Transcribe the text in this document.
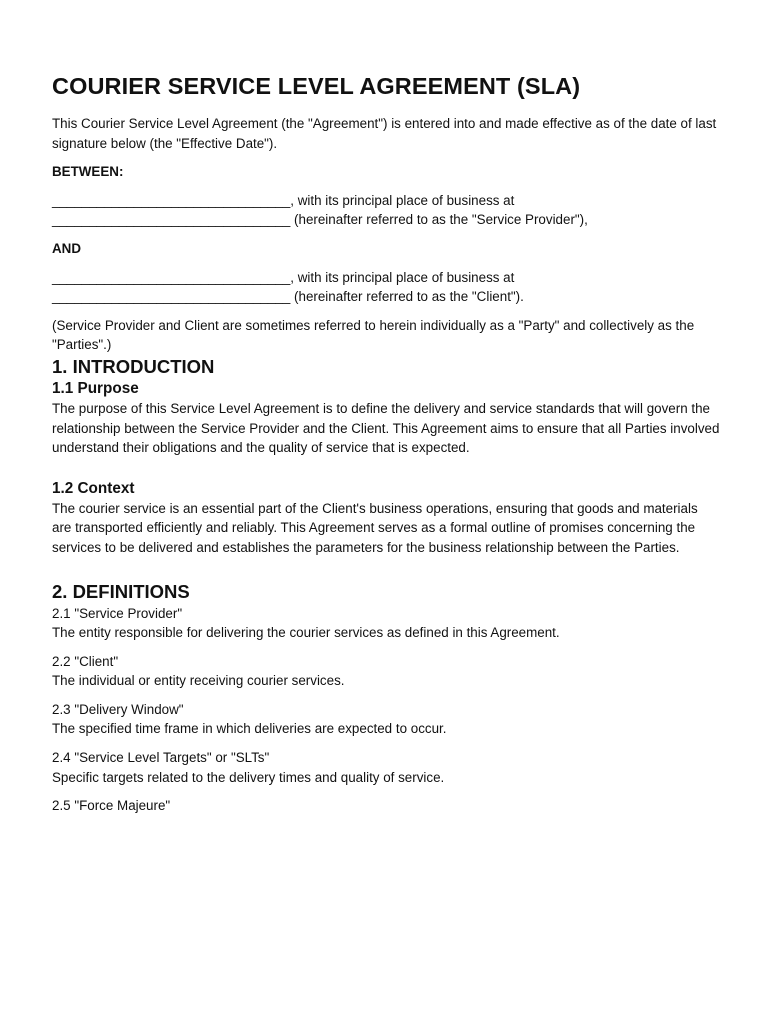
COURIER SERVICE LEVEL AGREEMENT (SLA)

This Courier Service Level Agreement (the "Agreement") is entered into and made effective as of the date of last signature below (the "Effective Date").

BETWEEN:

________________________________, with its principal place of business at

________________________________ (hereinafter referred to as the "Service Provider"),

AND

________________________________, with its principal place of business at

________________________________ (hereinafter referred to as the "Client").

(Service Provider and Client are sometimes referred to herein individually as a "Party" and collectively as the "Parties".)

1. INTRODUCTION
1.1 Purpose

The purpose of this Service Level Agreement is to define the delivery and service standards that will govern the relationship between the Service Provider and the Client. This Agreement aims to ensure that all Parties involved understand their obligations and the quality of service that is expected.

1.2 Context

The courier service is an essential part of the Client's business operations, ensuring that goods and materials are transported efficiently and reliably. This Agreement serves as a formal outline of promises concerning the services to be delivered and establishes the parameters for the business relationship between the Parties.

2. DEFINITIONS

2.1 "Service Provider"

The entity responsible for delivering the courier services as defined in this Agreement.

2.2 "Client"

The individual or entity receiving courier services.

2.3 "Delivery Window"

The specified time frame in which deliveries are expected to occur.

2.4 "Service Level Targets" or "SLTs"

Specific targets related to the delivery times and quality of service.

2.5 "Force Majeure"
